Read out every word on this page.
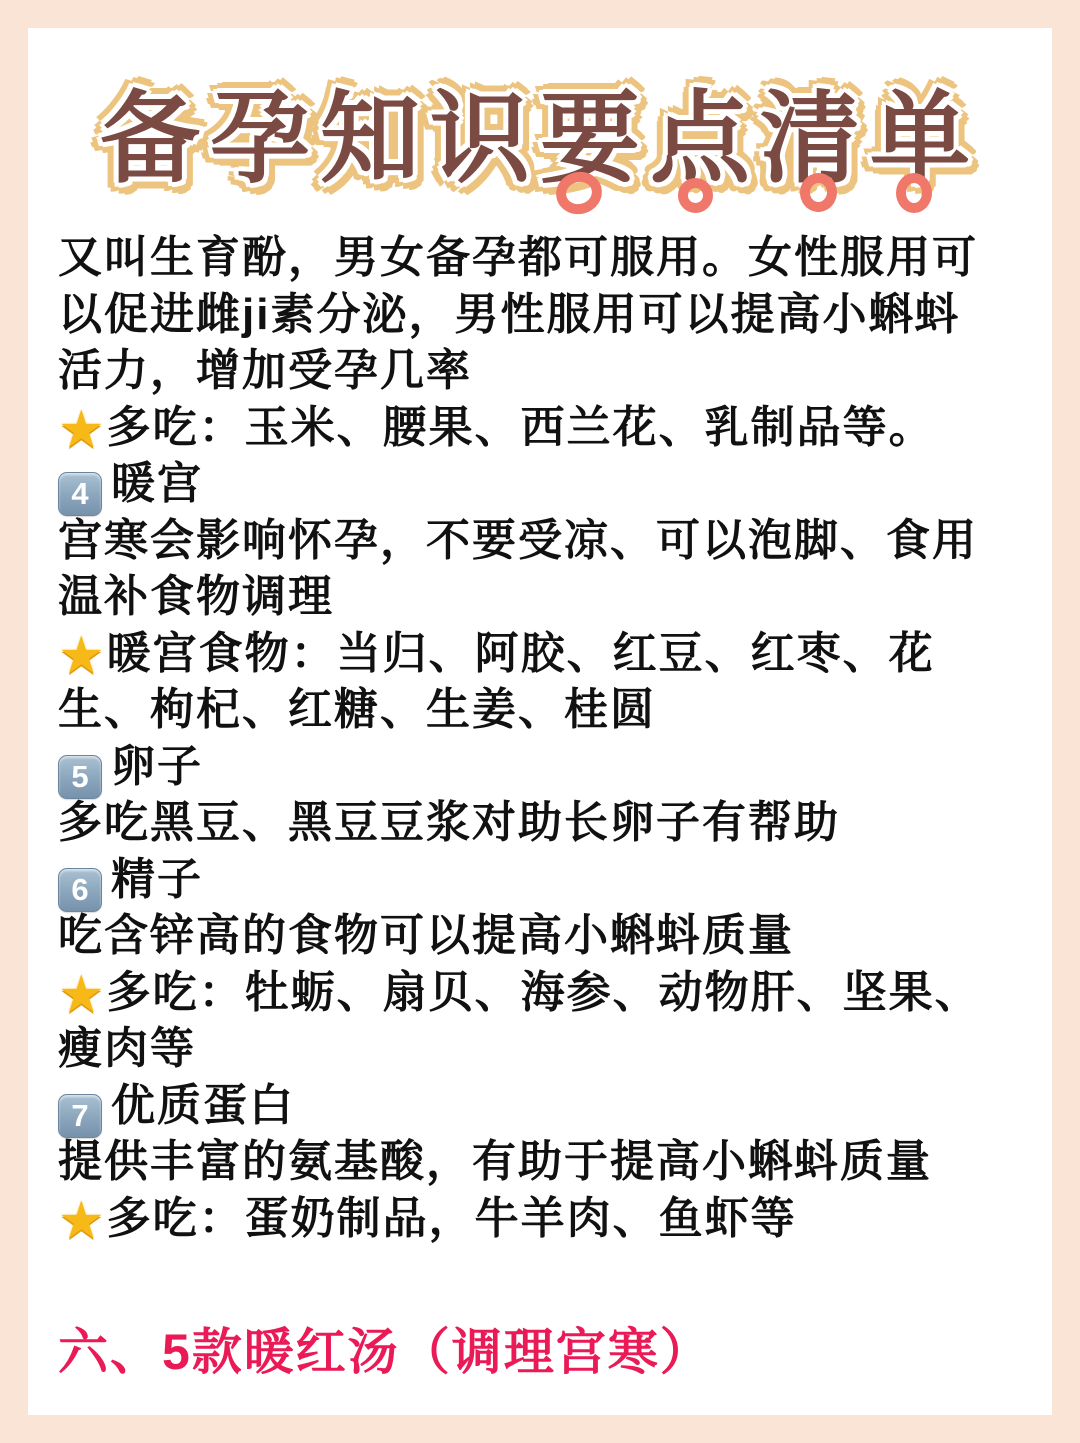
备孕知识要点清单
又叫生育酚，男女备孕都可服用。女性服用可
以促进雌ji素分泌，男性服用可以提高小蝌蚪
活力，增加受孕几率
★多吃：玉米、腰果、西兰花、乳制品等。
4 暖宫
宫寒会影响怀孕，不要受凉、可以泡脚、食用
温补食物调理
★暖宫食物：当归、阿胶、红豆、红枣、花
生、枸杞、红糖、生姜、桂圆
5 卵子
多吃黑豆、黑豆豆浆对助长卵子有帮助
6 精子
吃含锌高的食物可以提高小蝌蚪质量
★多吃：牡蛎、扇贝、海参、动物肝、坚果、
瘦肉等
7 优质蛋白
提供丰富的氨基酸，有助于提高小蝌蚪质量
★多吃：蛋奶制品，牛羊肉、鱼虾等
六、5款暖红汤（调理宫寒）
